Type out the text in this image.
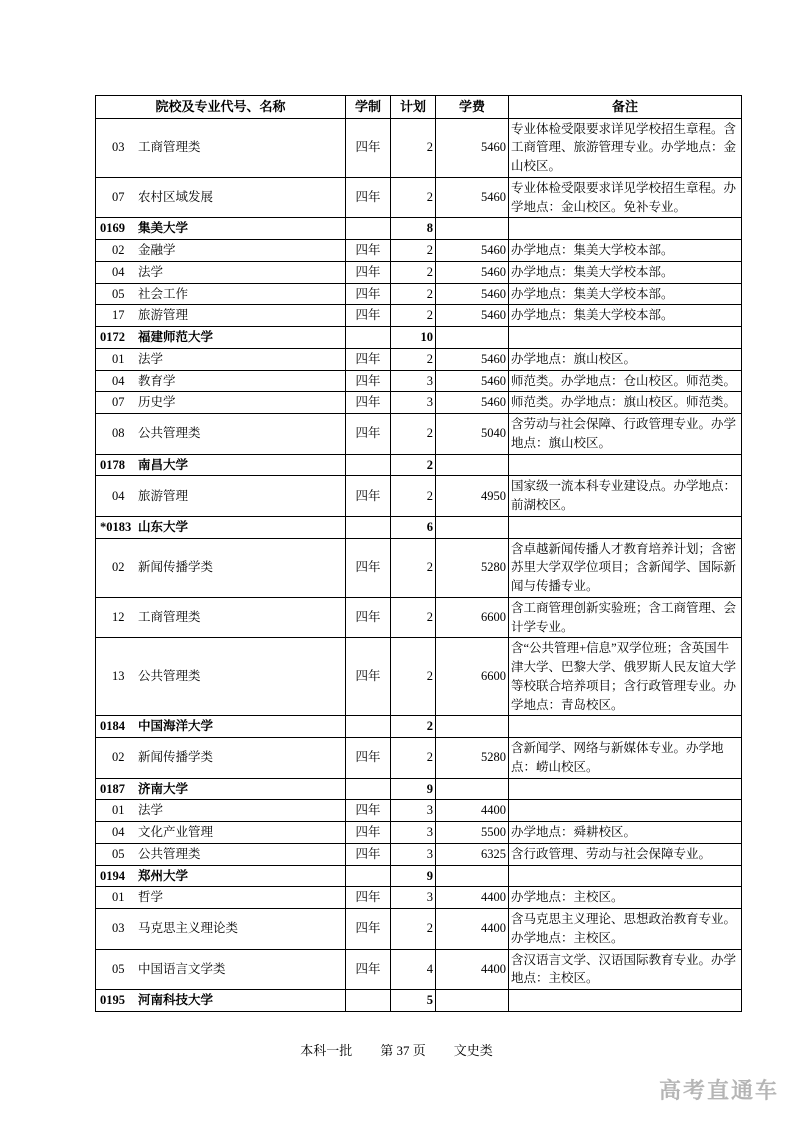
院校及专业代号、名称	学制	计划	学费	备注
03 工商管理类	四年	2	5460	专业体检受限要求详见学校招生章程。含工商管理、旅游管理专业。办学地点：金山校区。
07 农村区域发展	四年	2	5460	专业体检受限要求详见学校招生章程。办学地点：金山校区。免补专业。
0169 集美大学		8		
02 金融学	四年	2	5460	办学地点：集美大学校本部。
04 法学	四年	2	5460	办学地点：集美大学校本部。
05 社会工作	四年	2	5460	办学地点：集美大学校本部。
17 旅游管理	四年	2	5460	办学地点：集美大学校本部。
0172 福建师范大学		10		
01 法学	四年	2	5460	办学地点：旗山校区。
04 教育学	四年	3	5460	师范类。办学地点：仓山校区。师范类。
07 历史学	四年	3	5460	师范类。办学地点：旗山校区。师范类。
08 公共管理类	四年	2	5040	含劳动与社会保障、行政管理专业。办学地点：旗山校区。
0178 南昌大学		2		
04 旅游管理	四年	2	4950	国家级一流本科专业建设点。办学地点：前湖校区。
*0183 山东大学		6		
02 新闻传播学类	四年	2	5280	含卓越新闻传播人才教育培养计划；含密苏里大学双学位项目；含新闻学、国际新闻与传播专业。
12 工商管理类	四年	2	6600	含工商管理创新实验班；含工商管理、会计学专业。
13 公共管理类	四年	2	6600	含“公共管理+信息”双学位班；含英国牛津大学、巴黎大学、俄罗斯人民友谊大学等校联合培养项目；含行政管理专业。办学地点：青岛校区。
0184 中国海洋大学		2		
02 新闻传播学类	四年	2	5280	含新闻学、网络与新媒体专业。办学地点：崂山校区。
0187 济南大学		9		
01 法学	四年	3	4400	
04 文化产业管理	四年	3	5500	办学地点：舜耕校区。
05 公共管理类	四年	3	6325	含行政管理、劳动与社会保障专业。
0194 郑州大学		9		
01 哲学	四年	3	4400	办学地点：主校区。
03 马克思主义理论类	四年	2	4400	含马克思主义理论、思想政治教育专业。办学地点：主校区。
05 中国语言文学类	四年	4	4400	含汉语言文学、汉语国际教育专业。办学地点：主校区。
0195 河南科技大学		5		
本科一批 第 37 页 文史类
高考直通车
